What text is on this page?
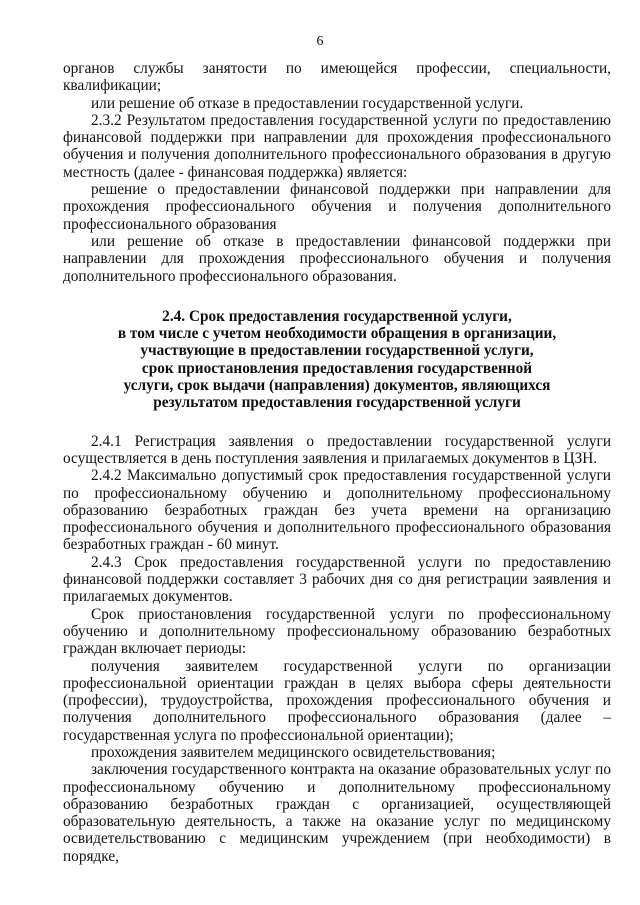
6

органов службы занятости по имеющейся профессии, специальности, квалификации;

или решение об отказе в предоставлении государственной услуги.

2.3.2 Результатом предоставления государственной услуги по предоставлению финансовой поддержки при направлении для прохождения профессионального обучения и получения дополнительного профессионального образования в другую местность (далее - финансовая поддержка) является:

решение о предоставлении финансовой поддержки при направлении для прохождения профессионального обучения и получения дополнительного профессионального образования

или решение об отказе в предоставлении финансовой поддержки при направлении для прохождения профессионального обучения и получения дополнительного профессионального образования.

2.4. Срок предоставления государственной услуги,
в том числе с учетом необходимости обращения в организации,
участвующие в предоставлении государственной услуги,
срок приостановления предоставления государственной
услуги, срок выдачи (направления) документов, являющихся
результатом предоставления государственной услуги

2.4.1 Регистрация заявления о предоставлении государственной услуги осуществляется в день поступления заявления и прилагаемых документов в ЦЗН.

2.4.2 Максимально допустимый срок предоставления государственной услуги по профессиональному обучению и дополнительному профессиональному образованию безработных граждан без учета времени на организацию профессионального обучения и дополнительного профессионального образования безработных граждан - 60 минут.

2.4.3 Срок предоставления государственной услуги по предоставлению финансовой поддержки составляет 3 рабочих дня со дня регистрации заявления и прилагаемых документов.

Срок приостановления государственной услуги по профессиональному обучению и дополнительному профессиональному образованию безработных граждан включает периоды:

получения заявителем государственной услуги по организации профессиональной ориентации граждан в целях выбора сферы деятельности (профессии), трудоустройства, прохождения профессионального обучения и получения дополнительного профессионального образования (далее – государственная услуга по профессиональной ориентации);

прохождения заявителем медицинского освидетельствования;

заключения государственного контракта на оказание образовательных услуг по профессиональному обучению и дополнительному профессиональному образованию безработных граждан с организацией, осуществляющей образовательную деятельность, а также на оказание услуг по медицинскому освидетельствованию с медицинским учреждением (при необходимости) в порядке,
